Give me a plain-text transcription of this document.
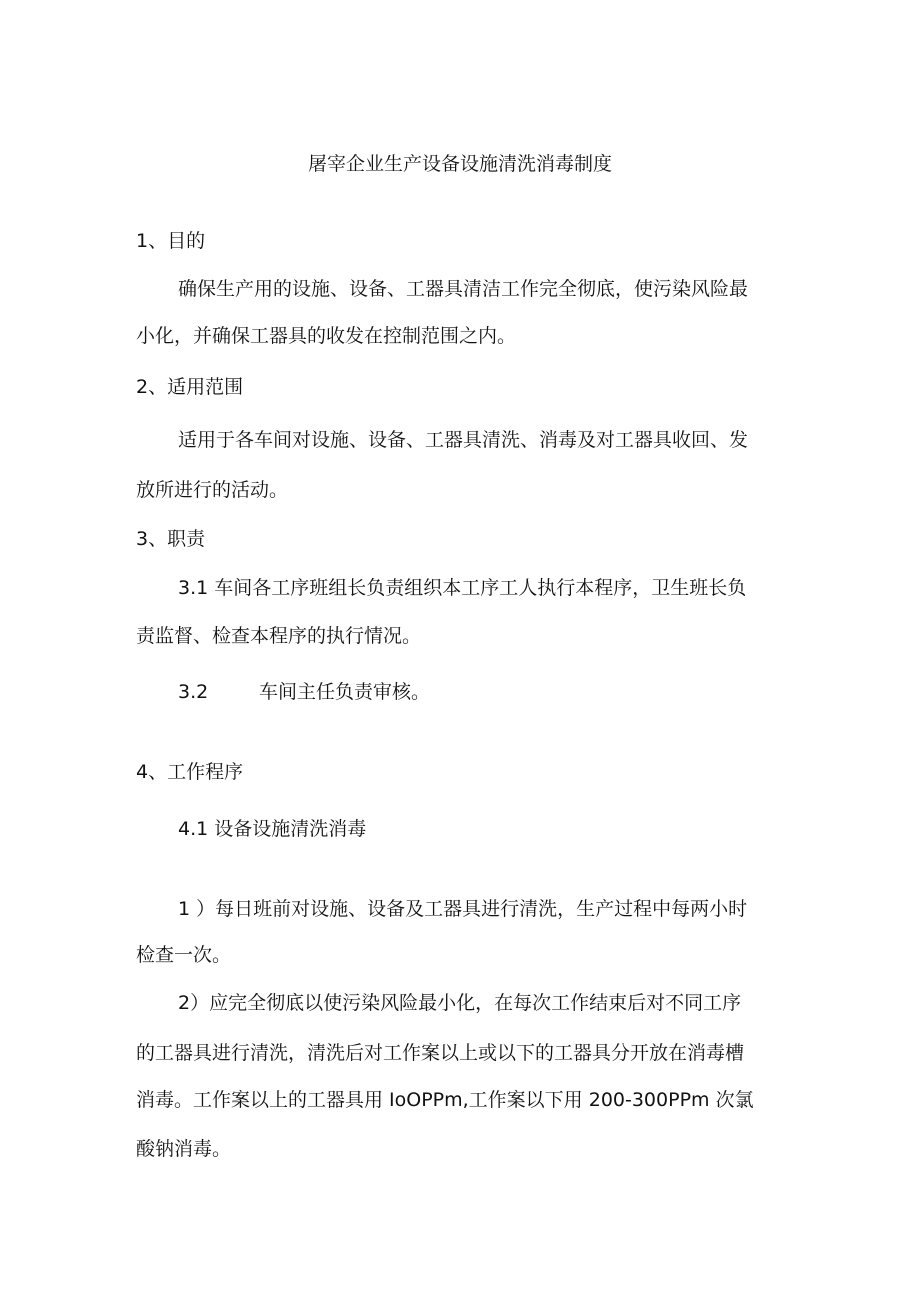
屠宰企业生产设备设施清洗消毒制度

1、目的

确保生产用的设施、设备、工器具清洁工作完全彻底，使污染风险最

小化，并确保工器具的收发在控制范围之内。

2、适用范围

适用于各车间对设施、设备、工器具清洗、消毒及对工器具收回、发

放所进行的活动。

3、职责

3.1 车间各工序班组长负责组织本工序工人执行本程序，卫生班长负

责监督、检查本程序的执行情况。

3.2	车间主任负责审核。

4、工作程序

4.1 设备设施清洗消毒

1 ）每日班前对设施、设备及工器具进行清洗，生产过程中每两小时

检查一次。

2）应完全彻底以使污染风险最小化，在每次工作结束后对不同工序

的工器具进行清洗，清洗后对工作案以上或以下的工器具分开放在消毒槽

消毒。工作案以上的工器具用 IoOPPm,工作案以下用 200-300PPm 次氯

酸钠消毒。
